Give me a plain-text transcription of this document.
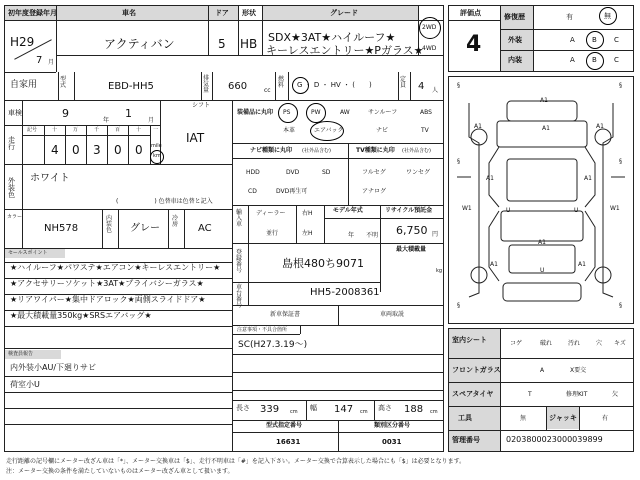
初年度登録年月	車名	ドア 形状	グレード
H29
7 月
アクティバン	5 HB SDX★3AT★ハイルーフ★
キーレスエントリー★Pガラス★
2WD
4WD
自家用
型式	EBD-HH5
排気量 660	cc
燃料 G ・ D ・ HV ・ (　　)
定員 4 人
車検	9
年
1
月
シフト
IAT
走行
記号	十	万	千	百	十 一
4 0 3 0 0 mile
km
外装色
ホワイト
(　　　　　　) 色替車は色替と記入
カラー
NH578
内装色 グレー
冷房 AC
セールスポイント
★ハイルーフ★パワステ★エアコン★キーレスエントリー★
★アクセサリーソケット★3AT★プライバシーガラス★
★リアワイパー★集中ドアロック★両側スライドドア★
★最大積載量350kg★SRSエアバッグ★
検査員報告
内外装小AU/下廻りサビ
荷室小U
装備品に丸印 PS	PW	AW	サンルーフ	ABS
本革	エアバック	ナビ	TV
ナビ種類に丸印 (社外品含む)
HDD	DVD	SD
CD	DVD再生可
TV種類に丸印 (社外品含む)
フルセグ	ワンセグ
アナログ
輸入車
ディーラー
並行
右H
左H
モデル年式
年 不明
リサイクル預託金
6,750 円
最大積載量
kg
登録番号
島根480ち9071
車台番号
HH5-2008361
新車保証書	車両取説
注意事項・不具合箇所
SC(H27.3.19〜)
長さ 339 cm 幅 147 cm 高さ 188 cm
型式指定番号
16631
類別区分番号
0031
評価点
4
修復歴
外装
内装
有	無
A B C
A B C
§
§
§
§
§
§
A1
A1
A1	A1
A1	A1
A1
U	U
W1	W1
A1	A1
U
室内シート	コゲ	破れ	汚れ	穴 キズ
フロントガラス	A	X要交
スペアタイヤ	T	修理KIT	欠
工具	無	ジャッキ	有
管理番号	0203800023000039899
走行距離の記号欄にメーター改ざん車は「*」、メーター交換車は「$」、走行不明車は「#」を記入下さい。メーター交換で合算表示した場合にも「$」は必要となります。
注：メーター交換の条件を満たしていないものはメーター改ざん車として扱います。
